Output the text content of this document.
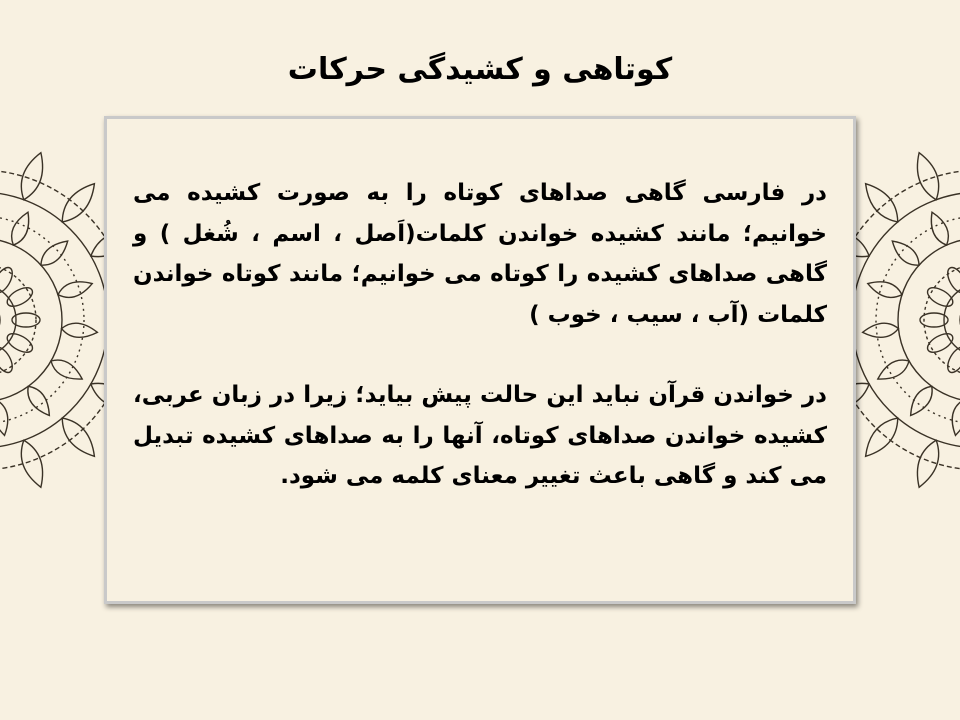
کوتاهی و کشیدگی حرکات

در فارسی گاهی صداهای کوتاه را به صورت کشیده می خوانیم؛ مانند کشیده خواندن کلمات(اَصل ، اسم ، شُغل ) و گاهی صداهای کشیده را کوتاه می خوانیم؛ مانند کوتاه خواندن کلمات (آب ، سیب ، خوب )

در خواندن قرآن نباید این حالت پیش بیاید؛ زیرا در زبان عربی، کشیده خواندن صداهای کوتاه، آنها را به صداهای کشیده تبدیل می کند و گاهی باعث تغییر معنای کلمه می شود.
